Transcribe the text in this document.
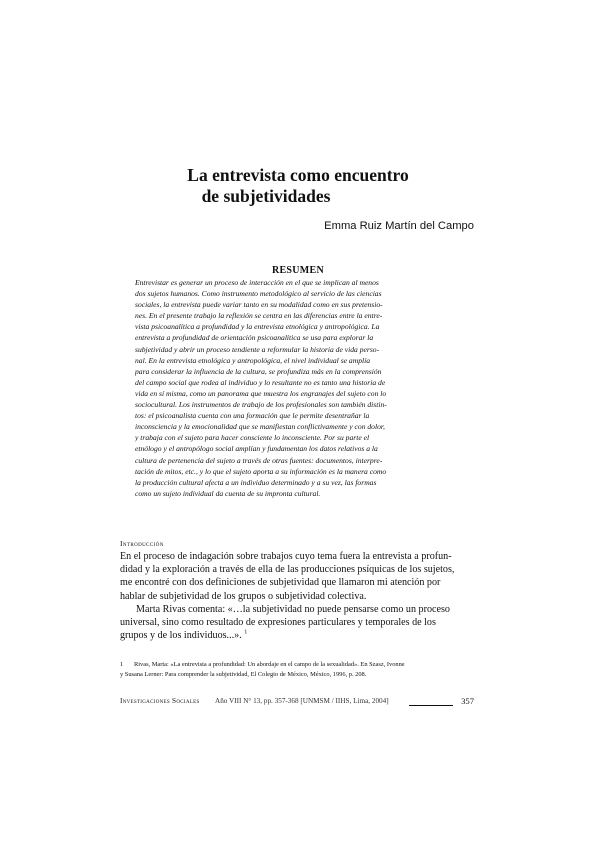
La entrevista como encuentro
de subjetividades
Emma Ruiz Martín del Campo
RESUMEN
Entrevistar es generar un proceso de interacción en el que se implican al menos
dos sujetos humanos. Como instrumento metodológico al servicio de las ciencias
sociales, la entrevista puede variar tanto en su modalidad como en sus pretensio-
nes. En el presente trabajo la reflexión se centra en las diferencias entre la entre-
vista psicoanalítica a profundidad y la entrevista etnológica y antropológica. La
entrevista a profundidad de orientación psicoanalítica se usa para explorar la
subjetividad y abrir un proceso tendiente a reformular la historia de vida perso-
nal. En la entrevista etnológica y antropológica, el nivel individual se amplía
para considerar la influencia de la cultura, se profundiza más en la comprensión
del campo social que rodea al individuo y lo resultante no es tanto una historia de
vida en sí misma, como un panorama que muestra los engranajes del sujeto con lo
sociocultural. Los instrumentos de trabajo de los profesionales son también distin-
tos: el psicoanalista cuenta con una formación que le permite desentrañar la
inconsciencia y la emocionalidad que se manifiestan conflictivamente y con dolor,
y trabaja con el sujeto para hacer consciente lo inconsciente. Por su parte el
etnólogo y el antropólogo social amplían y fundamentan los datos relativos a la
cultura de pertenencia del sujeto a través de otras fuentes: documentos, interpre-
tación de mitos, etc., y lo que el sujeto aporta a su información es la manera como
la producción cultural afecta a un individuo determinado y a su vez, las formas
como un sujeto individual da cuenta de su impronta cultural.
Introducción
En el proceso de indagación sobre trabajos cuyo tema fuera la entrevista a profun-
didad y la exploración a través de ella de las producciones psíquicas de los sujetos,
me encontré con dos definiciones de subjetividad que llamaron mi atención por
hablar de subjetividad de los grupos o subjetividad colectiva.
Marta Rivas comenta: «…la subjetividad no puede pensarse como un proceso
universal, sino como resultado de expresiones particulares y temporales de los
grupos y de los individuos...». $^1$
1 Rivas, Marta: «La entrevista a profundidad: Un abordaje en el campo de la sexualidad». En Szasz, Ivonne
y Susana Lerner: Para comprender la subjetividad, El Colegio de México, México, 1996, p. 208.
Investigaciones Sociales Año VIII N° 13, pp. 357-368 [UNMSM / IIHS, Lima, 2004]	357
